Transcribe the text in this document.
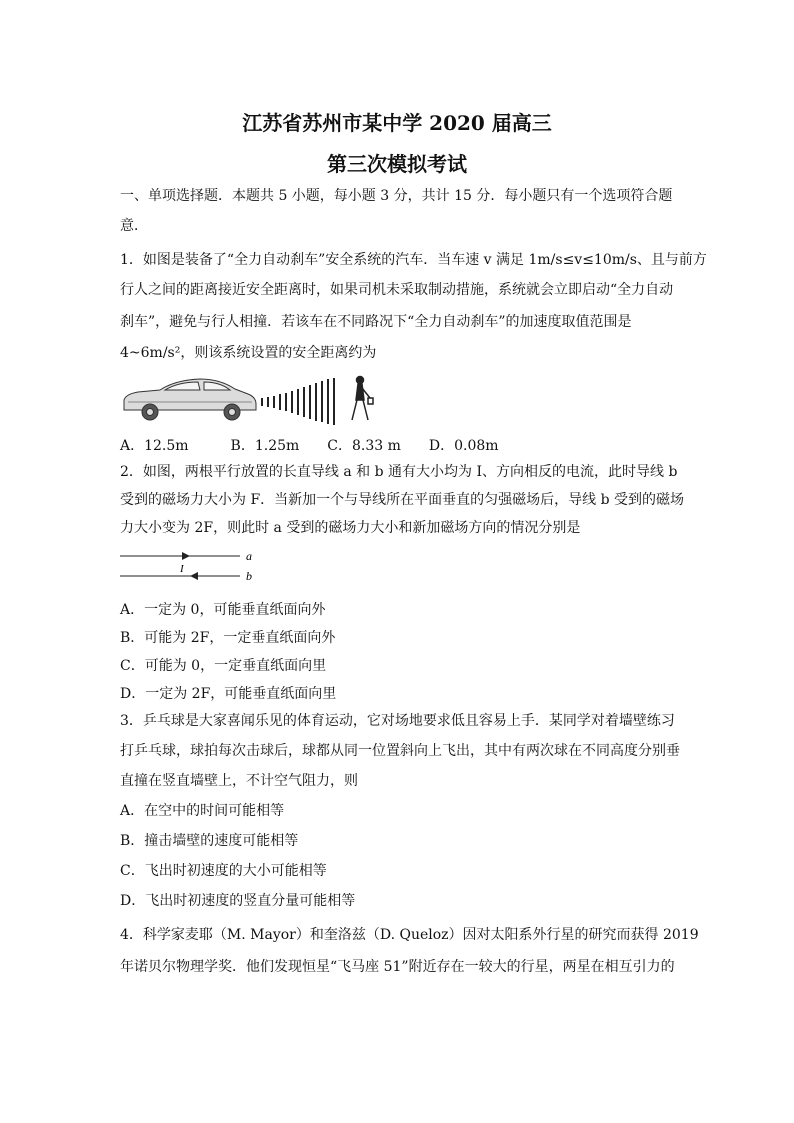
江苏省苏州市某中学 2020 届高三
第三次模拟考试
一、单项选择题．本题共 5 小题，每小题 3 分，共计 15 分．每小题只有一个选项符合题
意．
1．如图是装备了“全力自动刹车”安全系统的汽车．当车速 v 满足 1m/s≤v≤10m/s、且与前方
行人之间的距离接近安全距离时，如果司机未采取制动措施，系统就会立即启动“全力自动
刹车”，避免与行人相撞．若该车在不同路况下“全力自动刹车”的加速度取值范围是
4~6m/s²，则该系统设置的安全距离约为
A．12.5m　　　B．1.25m　　C．8.33 m　　D．0.08m
2．如图，两根平行放置的长直导线 a 和 b 通有大小均为 I、方向相反的电流，此时导线 b
受到的磁场力大小为 F．当新加一个与导线所在平面垂直的匀强磁场后，导线 b 受到的磁场
力大小变为 2F，则此时 a 受到的磁场力大小和新加磁场方向的情况分别是
a
b
I
A．一定为 0，可能垂直纸面向外
B．可能为 2F，一定垂直纸面向外
C．可能为 0，一定垂直纸面向里
D．一定为 2F，可能垂直纸面向里
3．乒乓球是大家喜闻乐见的体育运动，它对场地要求低且容易上手．某同学对着墙壁练习
打乒乓球，球拍每次击球后，球都从同一位置斜向上飞出，其中有两次球在不同高度分别垂
直撞在竖直墙壁上，不计空气阻力，则
A．在空中的时间可能相等
B．撞击墙壁的速度可能相等
C．飞出时初速度的大小可能相等
D．飞出时初速度的竖直分量可能相等
4．科学家麦耶（M. Mayor）和奎洛兹（D. Queloz）因对太阳系外行星的研究而获得 2019
年诺贝尔物理学奖．他们发现恒星“飞马座 51”附近存在一较大的行星，两星在相互引力的
